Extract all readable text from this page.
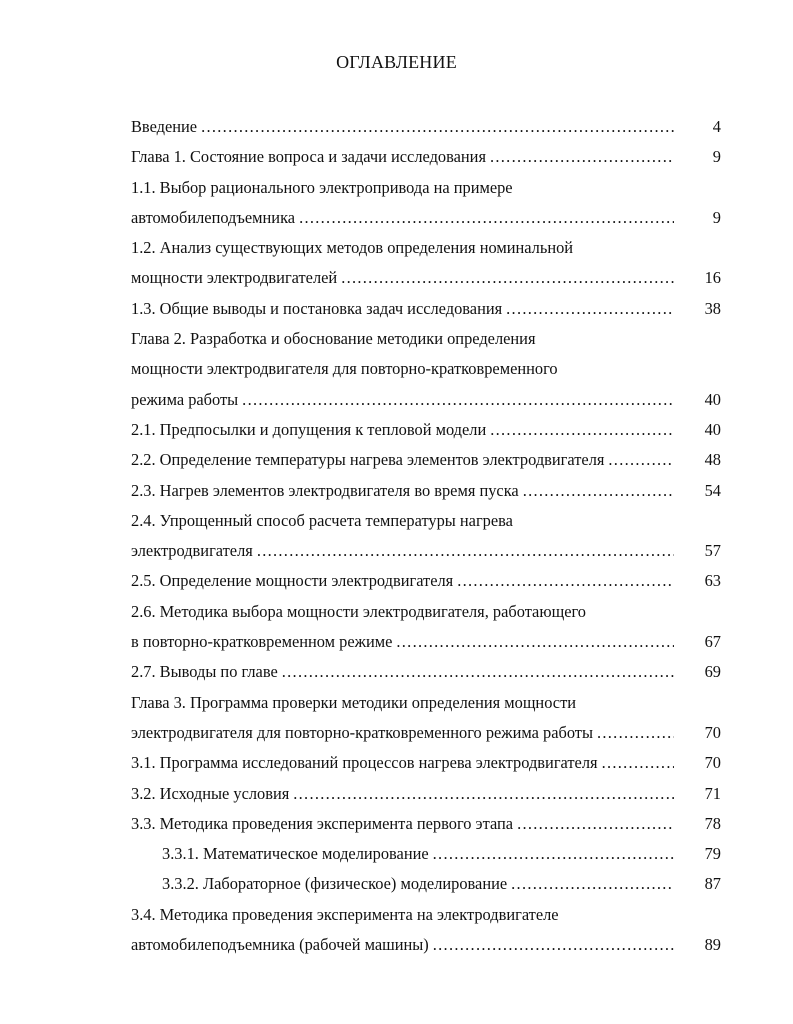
ОГЛАВЛЕНИЕ
Введение .....	4
Глава 1. Состояние вопроса и задачи исследования .....	9
1.1. Выбор рационального электропривода на примере
автомобилеподъемника .....	9
1.2. Анализ существующих методов определения номинальной
мощности электродвигателей .....	16
1.3. Общие выводы и постановка задач исследования .....	38
Глава 2. Разработка и обоснование методики определения
мощности электродвигателя для повторно-кратковременного
режима работы .....	40
2.1. Предпосылки и допущения к тепловой модели .....	40
2.2. Определение температуры нагрева элементов электродвигателя .....	48
2.3. Нагрев элементов электродвигателя во время пуска .....	54
2.4. Упрощенный способ расчета температуры нагрева
электродвигателя .....	57
2.5. Определение мощности электродвигателя .....	63
2.6. Методика выбора мощности электродвигателя, работающего
в повторно-кратковременном режиме .....	67
2.7. Выводы по главе .....	69
Глава 3. Программа проверки методики определения мощности
электродвигателя для повторно-кратковременного режима работы .....	70
3.1. Программа исследований процессов нагрева электродвигателя .....	70
3.2. Исходные условия .....	71
3.3. Методика проведения эксперимента первого этапа .....	78
3.3.1. Математическое моделирование .....	79
3.3.2. Лабораторное (физическое) моделирование .....	87
3.4. Методика проведения эксперимента на электродвигателе
автомобилеподъемника (рабочей машины) .....	89
